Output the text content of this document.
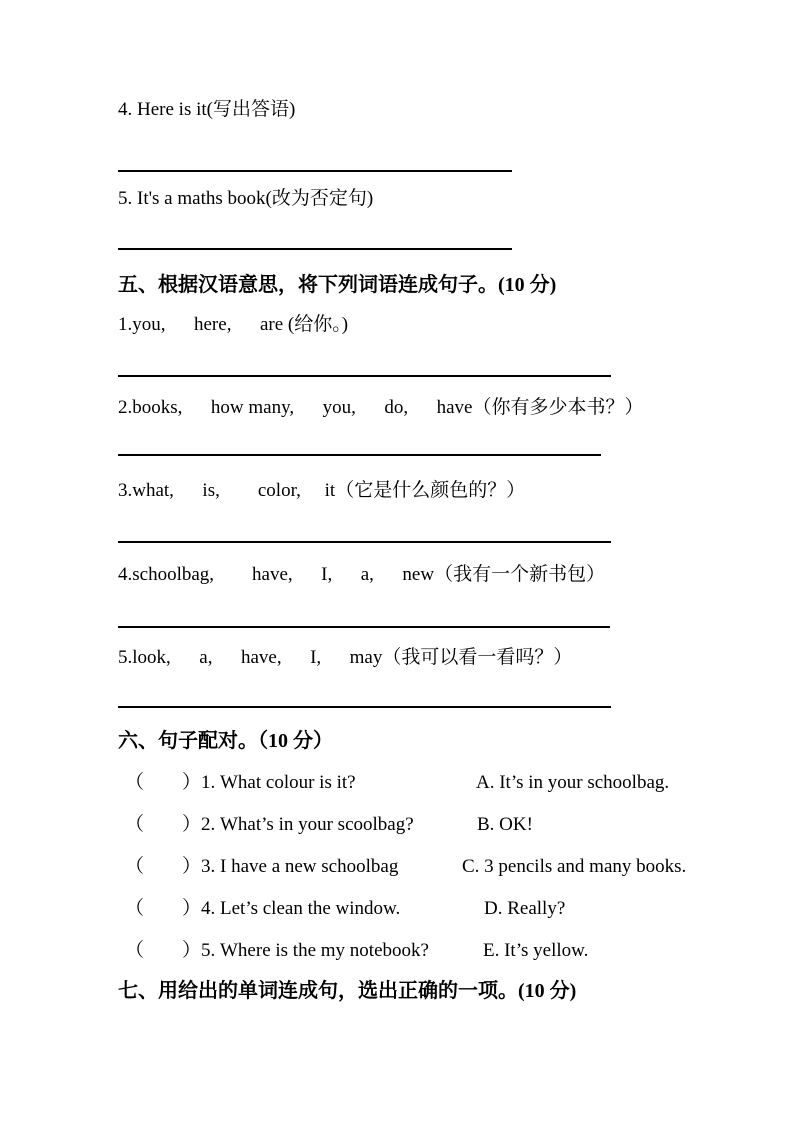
4. Here is it(写出答语)
5. It's a maths book(改为否定句)
五、根据汉语意思，将下列词语连成句子。(10 分)
1.you,      here,      are (给你。)
2.books,      how many,      you,      do,      have（你有多少本书？）
3.what,      is,        color,     it（它是什么颜色的？）
4.schoolbag,        have,      I,      a,      new（我有一个新书包）
5.look,      a,      have,      I,      may（我可以看一看吗？）
六、句子配对。（10 分）
（　　）1. What colour is it?	A. It’s in your schoolbag.
（　　）2. What’s in your scoolbag?	B. OK!
（　　）3. I have a new schoolbag	C. 3 pencils and many books.
（　　）4. Let’s clean the window.	D. Really?
（　　）5. Where is the my notebook?	E. It’s yellow.
七、用给出的单词连成句，选出正确的一项。(10 分)
